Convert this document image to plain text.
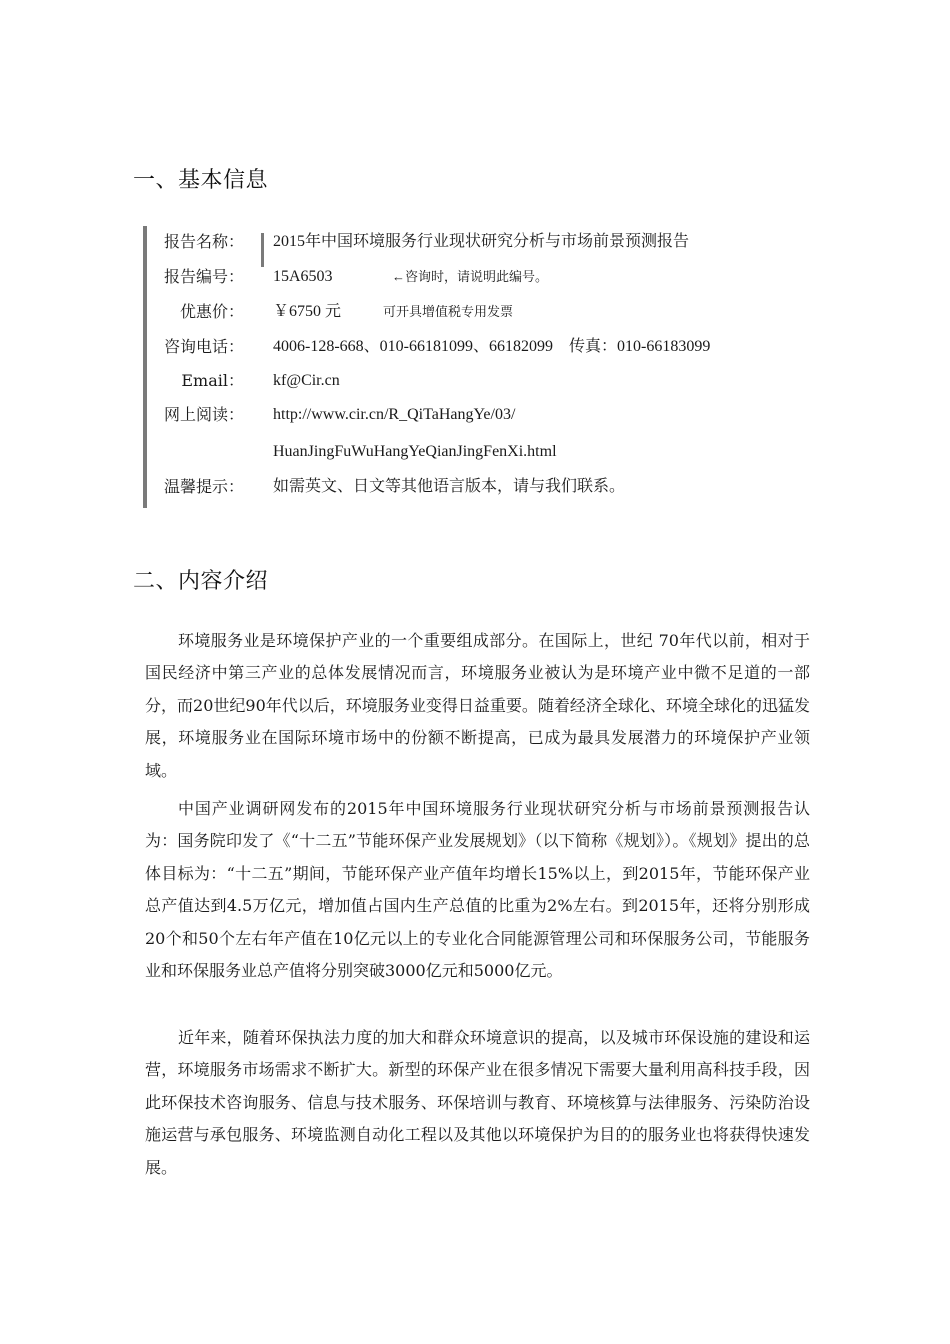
一、基本信息
报告名称： 2015年中国环境服务行业现状研究分析与市场前景预测报告
报告编号： 15A6503	←咨询时，请说明此编号。
优惠价： ￥6750 元	可开具增值税专用发票
咨询电话： 4006-128-668、010-66181099、66182099　传真：010-66183099
Email： kf@Cir.cn
网上阅读： http://www.cir.cn/R_QiTaHangYe/03/
HuanJingFuWuHangYeQianJingFenXi.html
温馨提示： 如需英文、日文等其他语言版本，请与我们联系。
二、内容介绍

环境服务业是环境保护产业的一个重要组成部分。在国际上，世纪 70年代以前，相对于国民经济中第三产业的总体发展情况而言，环境服务业被认为是环境产业中微不足道的一部分，而20世纪90年代以后，环境服务业变得日益重要。随着经济全球化、环境全球化的迅猛发展，环境服务业在国际环境市场中的份额不断提高，已成为最具发展潜力的环境保护产业领域。

中国产业调研网发布的2015年中国环境服务行业现状研究分析与市场前景预测报告认为：国务院印发了《“十二五”节能环保产业发展规划》（以下简称《规划》）。《规划》提出的总体目标为：“十二五”期间，节能环保产业产值年均增长15%以上，到2015年，节能环保产业总产值达到4.5万亿元，增加值占国内生产总值的比重为2%左右。到2015年，还将分别形成20个和50个左右年产值在10亿元以上的专业化合同能源管理公司和环保服务公司，节能服务业和环保服务业总产值将分别突破3000亿元和5000亿元。

近年来，随着环保执法力度的加大和群众环境意识的提高，以及城市环保设施的建设和运营，环境服务市场需求不断扩大。新型的环保产业在很多情况下需要大量利用高科技手段，因此环保技术咨询服务、信息与技术服务、环保培训与教育、环境核算与法律服务、污染防治设施运营与承包服务、环境监测自动化工程以及其他以环境保护为目的的服务业也将获得快速发展。
